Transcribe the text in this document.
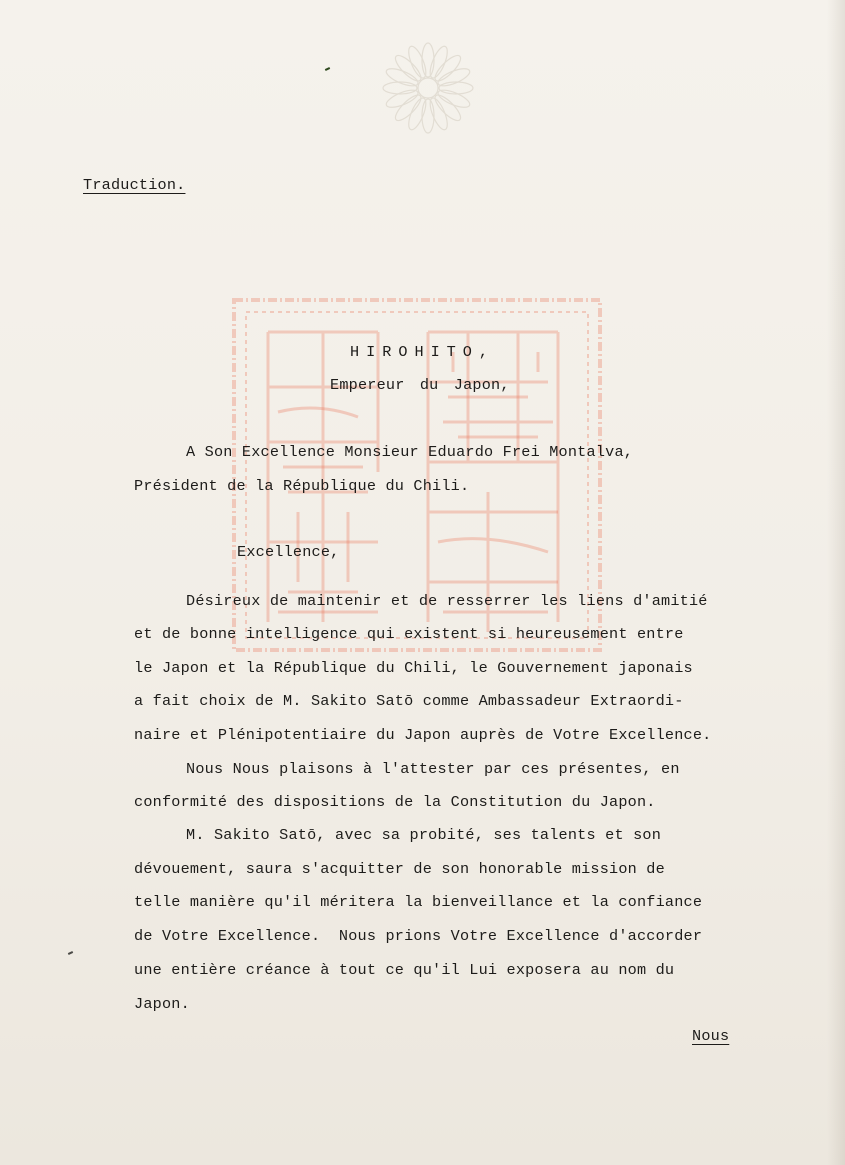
Traduction.

HIROHITO,

Empereur du Japon,

A Son Excellence Monsieur Eduardo Frei Montalva,

Président de la République du Chili.

Excellence,

Désireux de maintenir et de resserrer les liens d'amitié

et de bonne intelligence qui existent si heureusement entre

le Japon et la République du Chili, le Gouvernement japonais

a fait choix de M. Sakito Satō comme Ambassadeur Extraordi-

naire et Plénipotentiaire du Japon auprès de Votre Excellence.

Nous Nous plaisons à l'attester par ces présentes, en

conformité des dispositions de la Constitution du Japon.

M. Sakito Satō, avec sa probité, ses talents et son

dévouement, saura s'acquitter de son honorable mission de

telle manière qu'il méritera la bienveillance et la confiance

de Votre Excellence.  Nous prions Votre Excellence d'accorder

une entière créance à tout ce qu'il Lui exposera au nom du

Japon.

Nous
